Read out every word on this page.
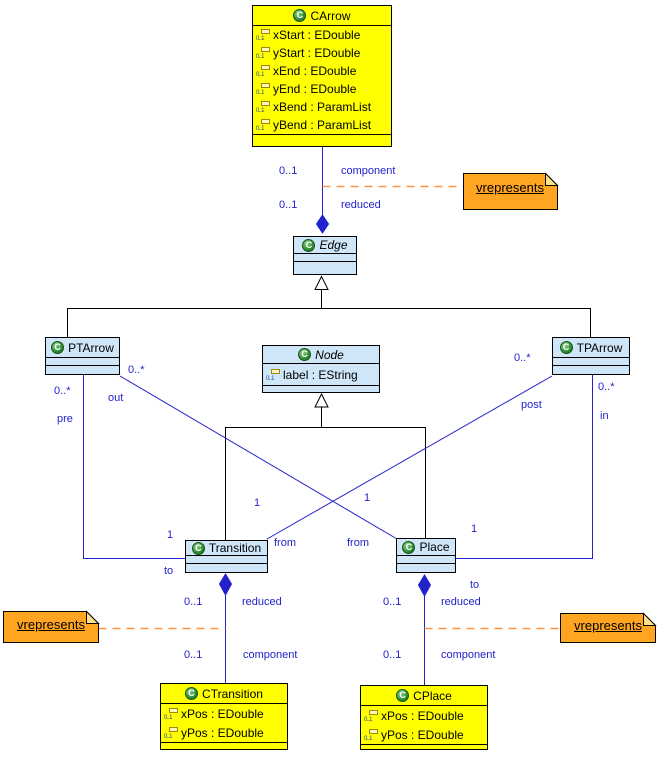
vrepresents
vrepresents	vrepresents
C CArrow
0..1 xStart : EDouble
0..1 yStart : EDouble
0..1 xEnd : EDouble
0..1 yEnd : EDouble
0..1 xBend : ParamList
0..1 yBend : ParamList
C Edge
C PTArrow	C Node
0..1 label : EString
C TPArrow
C Transition	C Place
C CTransition
0..1 xPos : EDouble
0..1 yPos : EDouble
C CPlace
0..1 xPos : EDouble
0..1 yPos : EDouble
0..1	component
0..1	reduced
0..*
pre
1
to
0..*
out
1
from
0..*
post
1
from
0..*
in
1
to
0..1	reduced
0..1	component
0..1	reduced
0..1	component
